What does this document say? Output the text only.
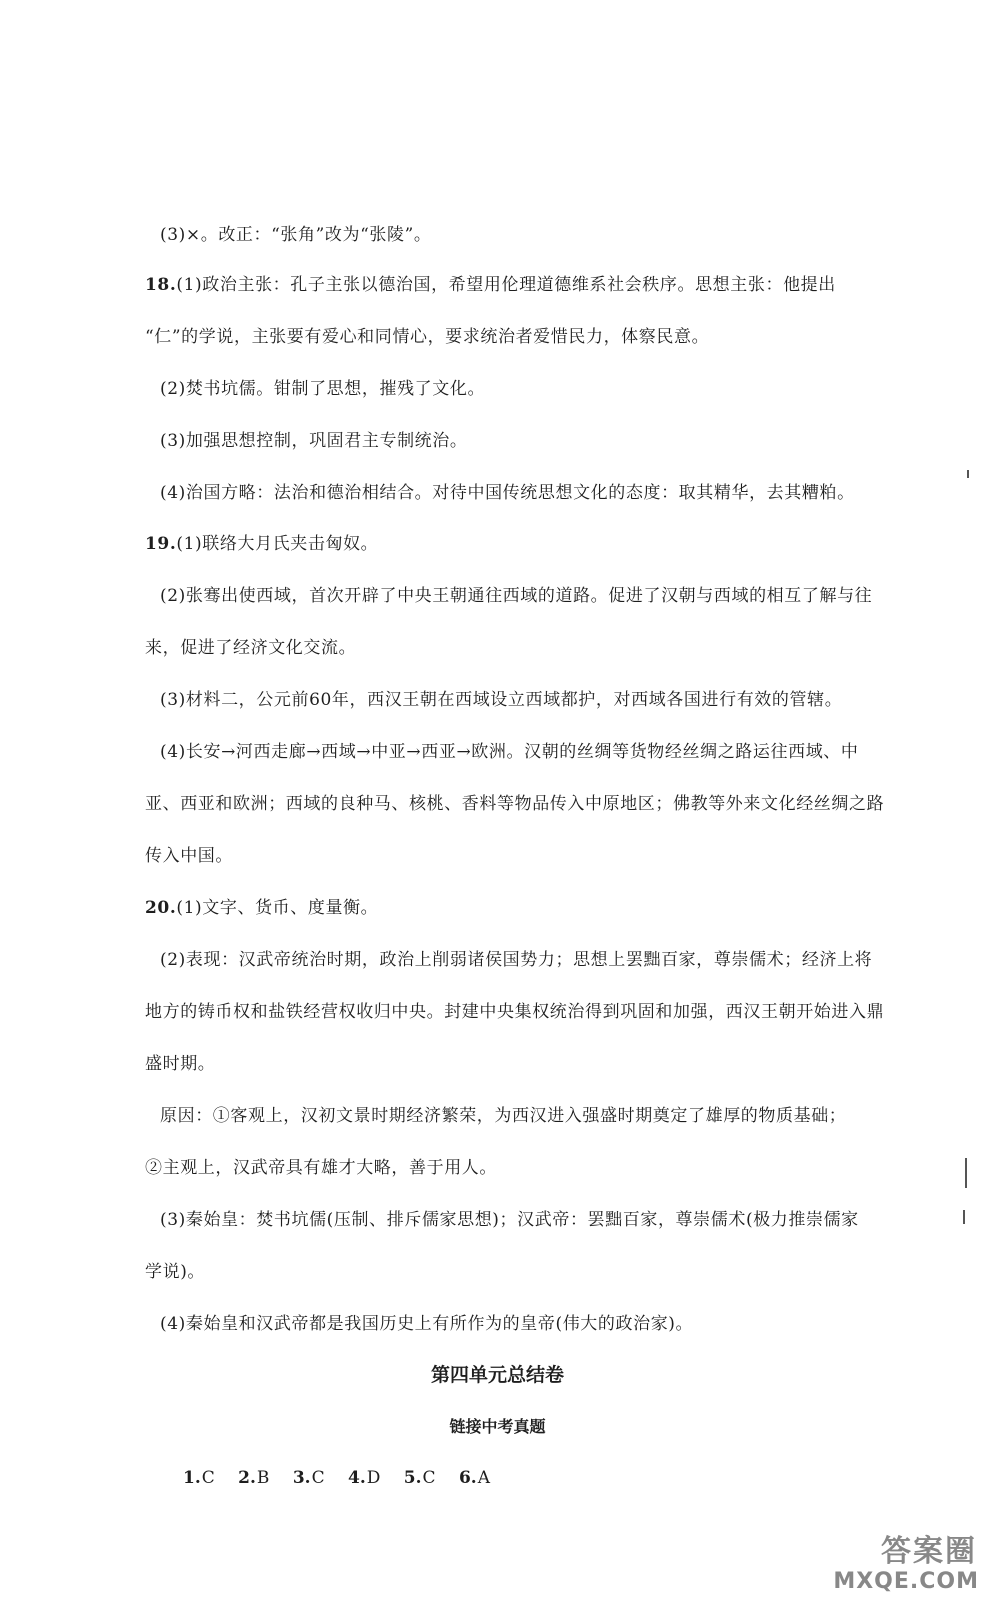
(3)×。改正：“张角”改为“张陵”。
18.(1)政治主张：孔子主张以德治国，希望用伦理道德维系社会秩序。思想主张：他提出
“仁”的学说，主张要有爱心和同情心，要求统治者爱惜民力，体察民意。
(2)焚书坑儒。钳制了思想，摧残了文化。
(3)加强思想控制，巩固君主专制统治。
(4)治国方略：法治和德治相结合。对待中国传统思想文化的态度：取其精华，去其糟粕。
19.(1)联络大月氏夹击匈奴。
(2)张骞出使西域，首次开辟了中央王朝通往西域的道路。促进了汉朝与西域的相互了解与往
来，促进了经济文化交流。
(3)材料二，公元前60年，西汉王朝在西域设立西域都护，对西域各国进行有效的管辖。
(4)长安→河西走廊→西域→中亚→西亚→欧洲。汉朝的丝绸等货物经丝绸之路运往西域、中
亚、西亚和欧洲；西域的良种马、核桃、香料等物品传入中原地区；佛教等外来文化经丝绸之路
传入中国。
20.(1)文字、货币、度量衡。
(2)表现：汉武帝统治时期，政治上削弱诸侯国势力；思想上罢黜百家，尊崇儒术；经济上将
地方的铸币权和盐铁经营权收归中央。封建中央集权统治得到巩固和加强，西汉王朝开始进入鼎
盛时期。
原因：①客观上，汉初文景时期经济繁荣，为西汉进入强盛时期奠定了雄厚的物质基础；
②主观上，汉武帝具有雄才大略，善于用人。
(3)秦始皇：焚书坑儒(压制、排斥儒家思想)；汉武帝：罢黜百家，尊崇儒术(极力推崇儒家
学说)。
(4)秦始皇和汉武帝都是我国历史上有所作为的皇帝(伟大的政治家)。
第四单元总结卷
链接中考真题
1.C 2.B 3.C 4.D 5.C 6.A
答案圈
MXQE.COM
